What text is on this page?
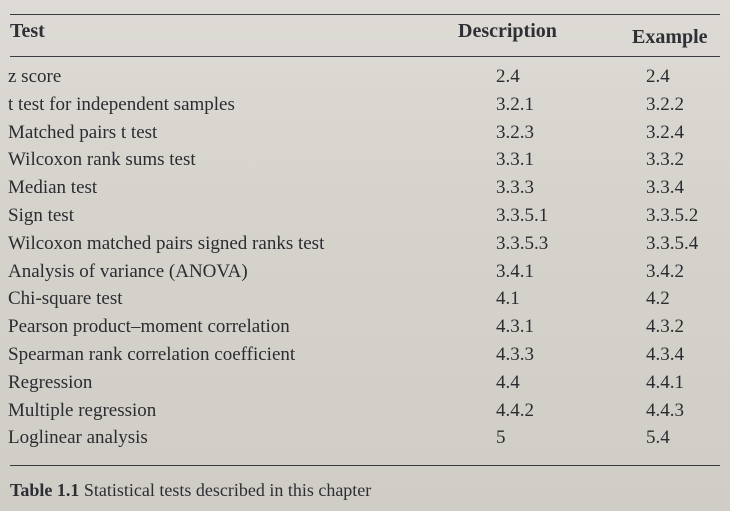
Test	Description	Example
z score	2.4	2.4
t test for independent samples	3.2.1	3.2.2
Matched pairs t test	3.2.3	3.2.4
Wilcoxon rank sums test	3.3.1	3.3.2
Median test	3.3.3	3.3.4
Sign test	3.3.5.1	3.3.5.2
Wilcoxon matched pairs signed ranks test	3.3.5.3	3.3.5.4
Analysis of variance (ANOVA)	3.4.1	3.4.2
Chi-square test	4.1	4.2
Pearson product–moment correlation	4.3.1	4.3.2
Spearman rank correlation coefficient	4.3.3	4.3.4
Regression	4.4	4.4.1
Multiple regression	4.4.2	4.4.3
Loglinear analysis	5	5.4
Table 1.1 Statistical tests described in this chapter
